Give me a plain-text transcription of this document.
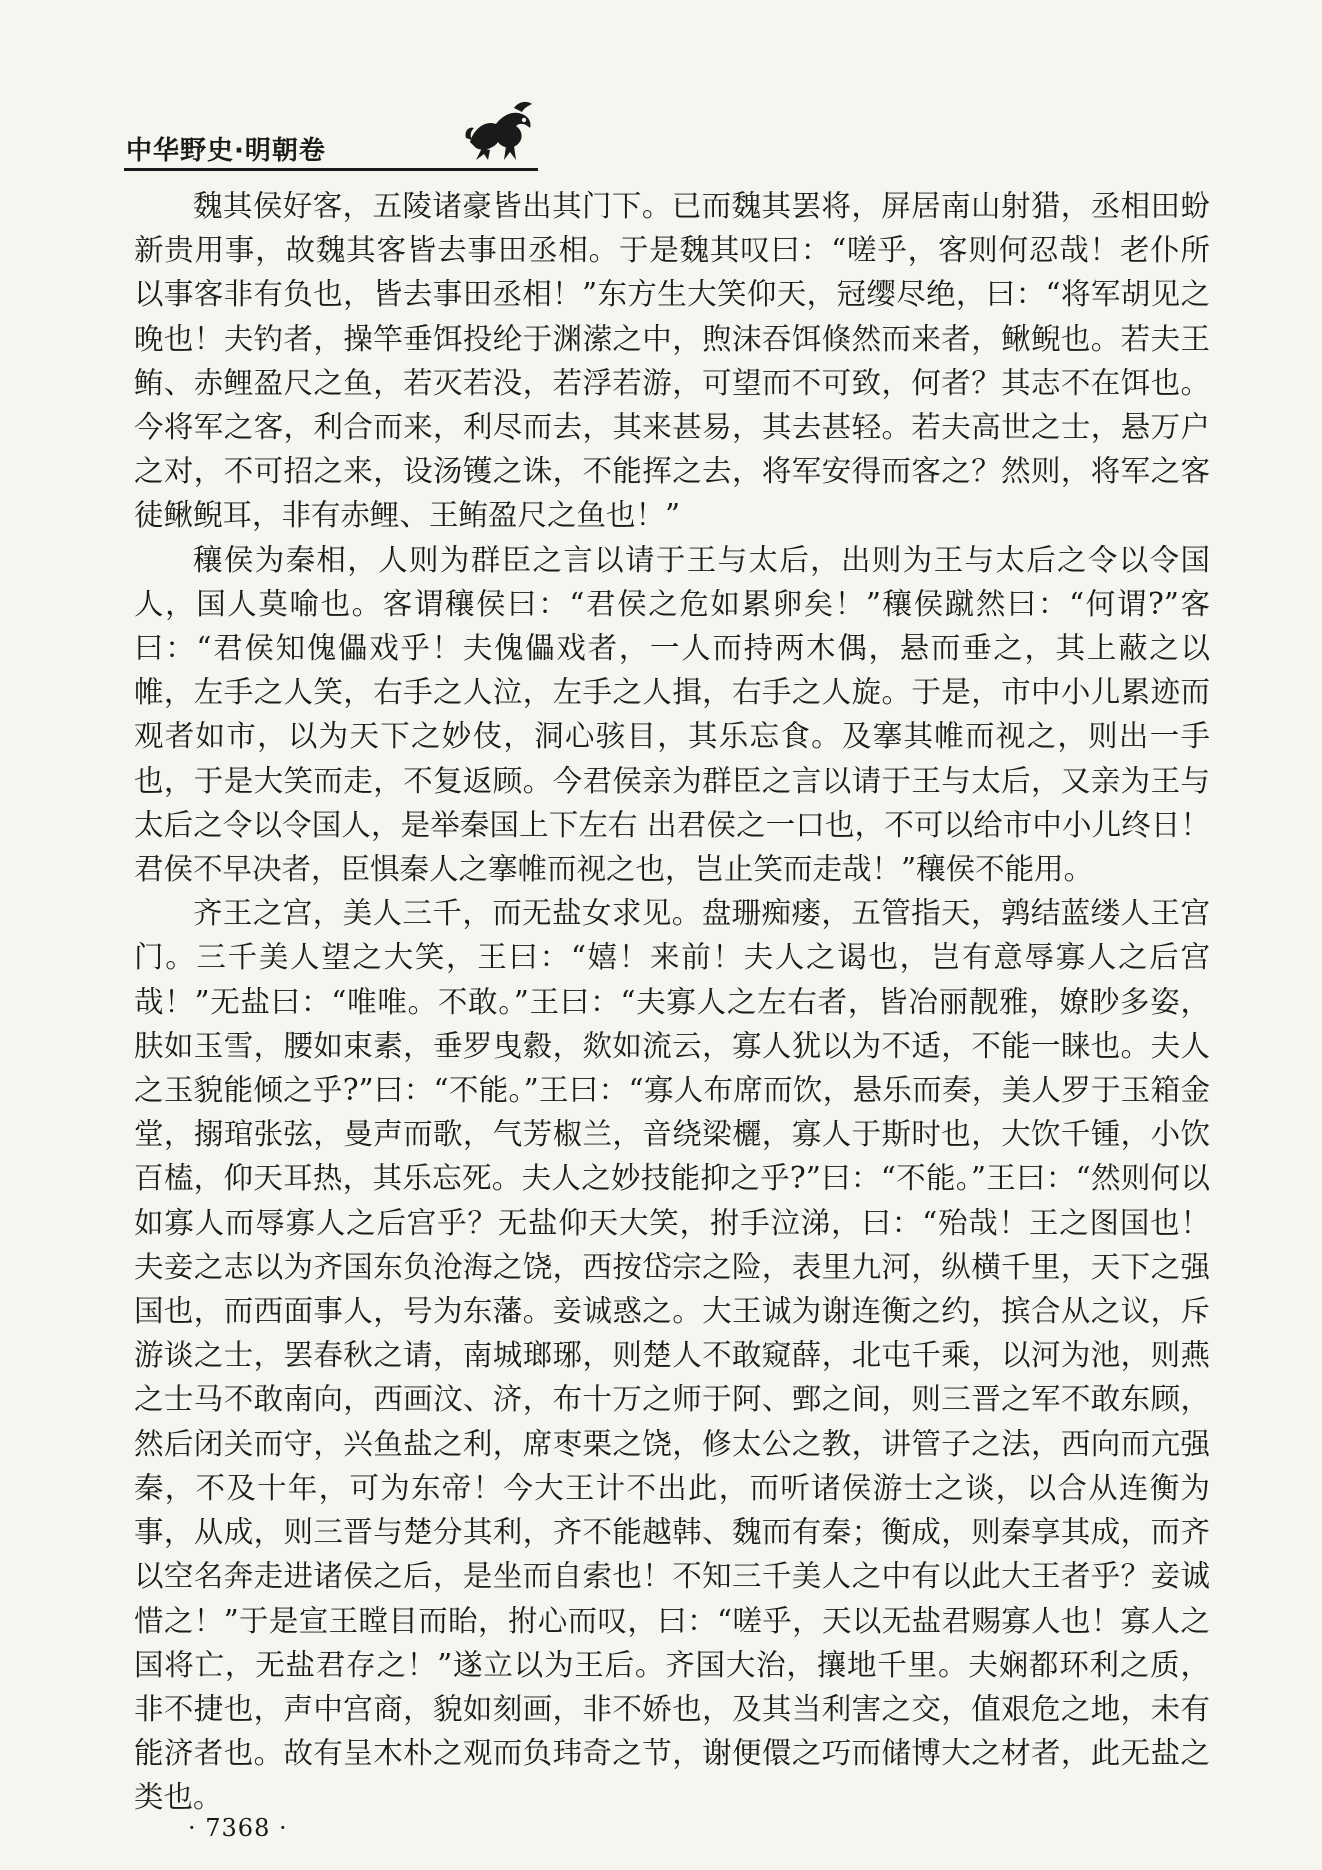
中华野史·明朝卷

魏其侯好客，五陵诸豪皆出其门下。已而魏其罢将，屏居南山射猎，丞相田蚡新贵用事，故魏其客皆去事田丞相。于是魏其叹曰：“嗟乎，客则何忍哉！老仆所以事客非有负也，皆去事田丞相！”东方生大笑仰天，冠缨尽绝，曰：“将军胡见之晚也！夫钓者，操竿垂饵投纶于渊潆之中，煦沫吞饵倏然而来者，鳅鲵也。若夫王鲔、赤鲤盈尺之鱼，若灭若没，若浮若游，可望而不可致，何者？其志不在饵也。今将军之客，利合而来，利尽而去，其来甚易，其去甚轻。若夫高世之士，悬万户之对，不可招之来，设汤镬之诛，不能挥之去，将军安得而客之？然则，将军之客徒鳅鲵耳，非有赤鲤、王鲔盈尺之鱼也！”

穰侯为秦相，人则为群臣之言以请于王与太后，出则为王与太后之令以令国人，国人莫喻也。客谓穰侯曰：“君侯之危如累卵矣！”穰侯蹴然曰：“何谓?”客曰：“君侯知傀儡戏乎！夫傀儡戏者，一人而持两木偶，悬而垂之，其上蔽之以帷，左手之人笑，右手之人泣，左手之人揖，右手之人旋。于是，市中小儿累迹而观者如市，以为天下之妙伎，洞心骇目，其乐忘食。及搴其帷而视之，则出一手也，于是大笑而走，不复返顾。今君侯亲为群臣之言以请于王与太后，又亲为王与太后之令以令国人，是举秦国上下左右 出君侯之一口也，不可以给市中小儿终日！君侯不早决者，臣惧秦人之搴帷而视之也，岂止笑而走哉！”穰侯不能用。

齐王之宫，美人三千，而无盐女求见。盘珊痴瘘，五管指天，鹑结蓝缕人王宫门。三千美人望之大笑，王曰：“嬉！来前！夫人之谒也，岂有意辱寡人之后宫哉！”无盐曰：“唯唯。不敢。”王曰：“夫寡人之左右者，皆冶丽靓雅，嫽眇多姿，肤如玉雪，腰如束素，垂罗曳縠，欻如流云，寡人犹以为不适，不能一睐也。夫人之玉貌能倾之乎?”曰：“不能。”王曰：“寡人布席而饮，悬乐而奏，美人罗于玉箱金堂，搦琯张弦，曼声而歌，气芳椒兰，音绕梁欐，寡人于斯时也，大饮千锺，小饮百榼，仰天耳热，其乐忘死。夫人之妙技能抑之乎?”曰：“不能。”王曰：“然则何以如寡人而辱寡人之后宫乎？无盐仰天大笑，拊手泣涕，曰：“殆哉！王之图国也！夫妾之志以为齐国东负沧海之饶，西按岱宗之险，表里九河，纵横千里，天下之强国也，而西面事人，号为东藩。妾诚惑之。大王诚为谢连衡之约，摈合从之议，斥游谈之士，罢春秋之请，南城瑯琊，则楚人不敢窥薛，北屯千乘，以河为池，则燕之士马不敢南向，西画汶、济，布十万之师于阿、鄄之间，则三晋之军不敢东顾，然后闭关而守，兴鱼盐之利，席枣栗之饶，修太公之教，讲管子之法，西向而亢强秦，不及十年，可为东帝！今大王计不出此，而听诸侯游士之谈，以合从连衡为事，从成，则三晋与楚分其利，齐不能越韩、魏而有秦；衡成，则秦享其成，而齐以空名奔走进诸侯之后，是坐而自索也！不知三千美人之中有以此大王者乎？妾诚惜之！”于是宣王瞠目而眙，拊心而叹，曰：“嗟乎，天以无盐君赐寡人也！寡人之国将亡，无盐君存之！”遂立以为王后。齐国大治，攘地千里。夫娴都环利之质，非不捷也，声中宫商，貌如刻画，非不娇也，及其当利害之交，值艰危之地，未有能济者也。故有呈木朴之观而负玮奇之节，谢便儇之巧而储博大之材者，此无盐之类也。

· 7368 ·
